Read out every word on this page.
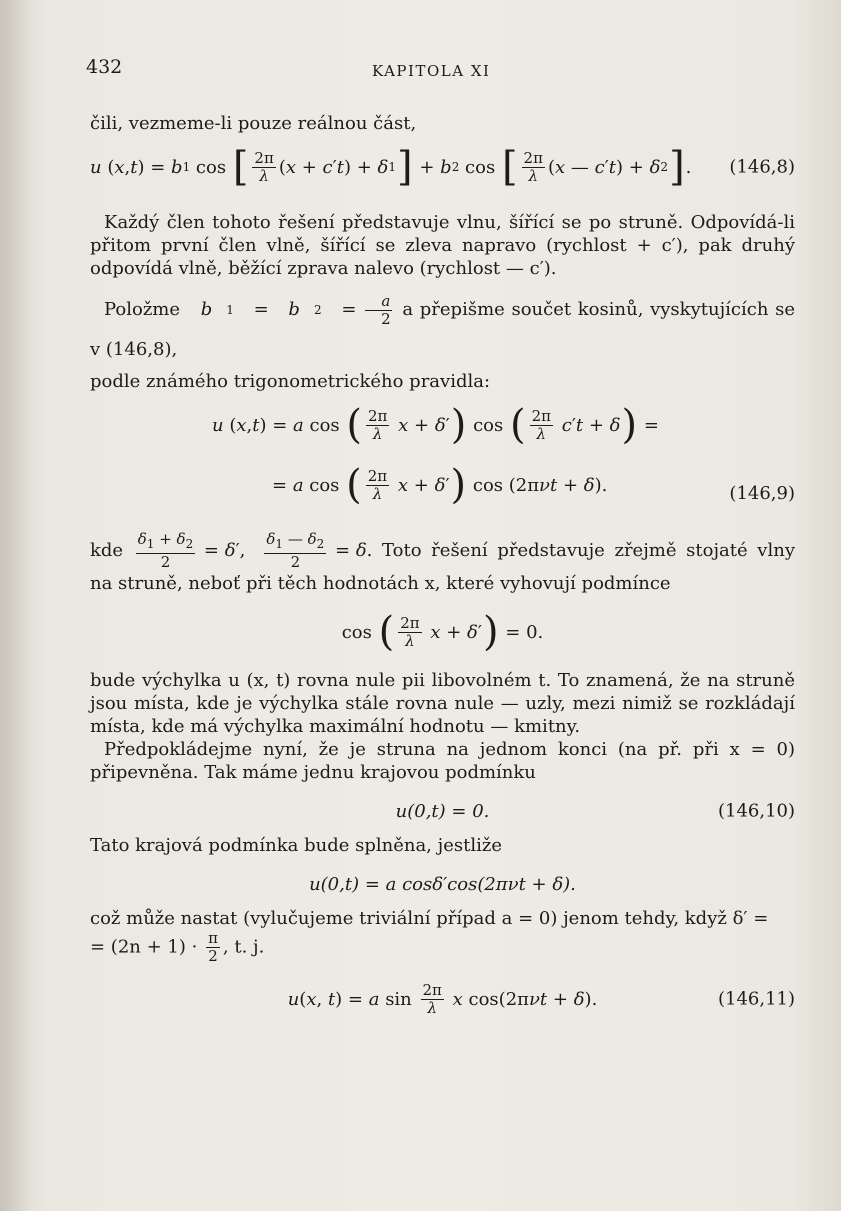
432	KAPITOLA XI

čili, vezmeme-li pouze reálnou část,

u ( x , t ) = b 1 cos [ $\frac{2\pi}{\lambda}$ ( x + c ′ t ) + δ 1 ] + b 2 cos [ $\frac{2\pi}{\lambda}$ ( x — c ′ t ) + δ 2 ] . (146,8)

Každý člen tohoto řešení představuje vlnu, šířící se po struně. Odpovídá-li přitom první člen vlně, šířící se zleva napravo (rychlost + c′), pak druhý odpovídá vlně, běžící zprava nalevo (rychlost — c′).

Položme	b	1 = b	$2 = \frac{a}{2}$ a přepišme součet kosinů, vyskytujících se v (146,8),

podle známého trigonometrického pravidla:

u ( x , t ) = a cos ( $\frac{2\pi}{\lambda}$
x + δ ′ ) cos ( $\frac{2\pi}{\lambda}$
c ′ t + δ ) =
= a cos ( $\frac{2\pi}{\lambda}$
x + δ ′ ) cos (2π νt + δ ).	(146,9)

kde $\frac{\delta_1 + \delta_2}{2} = \delta$ ′, $\frac{\delta_1 — \delta_2}{2} = \delta$ . Toto řešení představuje zřejmě stojaté vlny na struně, neboť při těch hodnotách x, které vyhovují podmínce

cos ( $\frac{2\pi}{\lambda}$
x + δ ′ ) = 0.

bude výchylka u (x, t) rovna nule pii libovolném t. To znamená, že na struně jsou místa, kde je výchylka stále rovna nule — uzly, mezi nimiž se rozkládají místa, kde má výchylka maximální hodnotu — kmitny.

Předpokládejme nyní, že je struna na jednom konci (na př. při x = 0) připevněna. Tak máme jednu krajovou podmínku

u(0,t) = 0.	(146,10)

Tato krajová podmínka bude splněna, jestliže

u(0,t) = a cosδ′cos(2πνt + δ).

což může nastat (vylučujeme triviální případ a = 0) jenom tehdy, když δ′ =

= $(2n + 1) \cdot \frac{\pi}{2}$ , t. j.

u ( x , t ) = a $\sin \frac{2\pi}{\lambda}$
x cos(2π νt + δ ).	(146,11)
